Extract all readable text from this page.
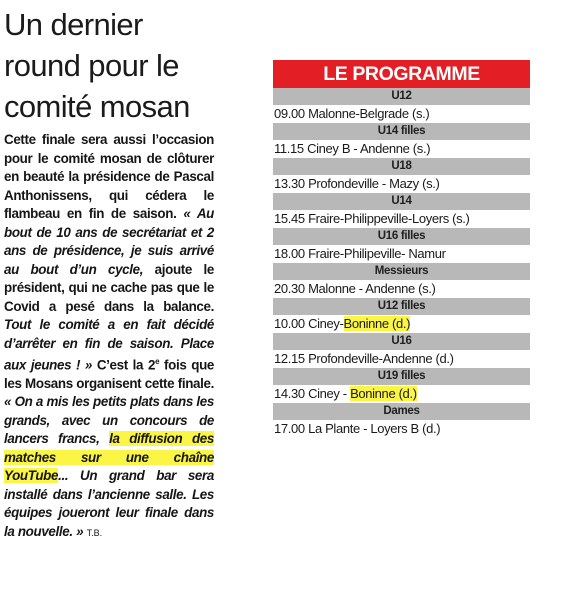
Un dernier round pour le comité mosan

Cette finale sera aussi l’occasion pour le comité mosan de clôturer en beauté la présidence de Pascal Anthonissens, qui cédera le flambeau en fin de saison. « Au bout de 10 ans de secrétariat et 2 ans de présidence, je suis arrivé au bout d’un cycle, ajoute le président, qui ne cache pas que le Covid a pesé dans la balance. Tout le comité a en fait décidé d’arrêter en fin de saison. Place aux jeunes ! » C’est la 2e fois que les Mosans organisent cette finale. « On a mis les petits plats dans les grands, avec un concours de lancers francs, la diffusion des matches sur une chaîne YouTube... Un grand bar sera installé dans l’ancienne salle. Les équipes joueront leur finale dans la nouvelle. » T.B.

LE PROGRAMME
U12
09.00 Malonne-Belgrade (s.)
U14 filles
11.15 Ciney B - Andenne (s.)
U18
13.30 Profondeville - Mazy (s.)
U14
15.45 Fraire-Philippeville-Loyers (s.)
U16 filles
18.00 Fraire-Philipeville- Namur
Messieurs
20.30 Malonne - Andenne (s.)
U12 filles
10.00 Ciney-Boninne (d.)
U16
12.15 Profondeville-Andenne (d.)
U19 filles
14.30 Ciney - Boninne (d.)
Dames
17.00 La Plante - Loyers B (d.)
